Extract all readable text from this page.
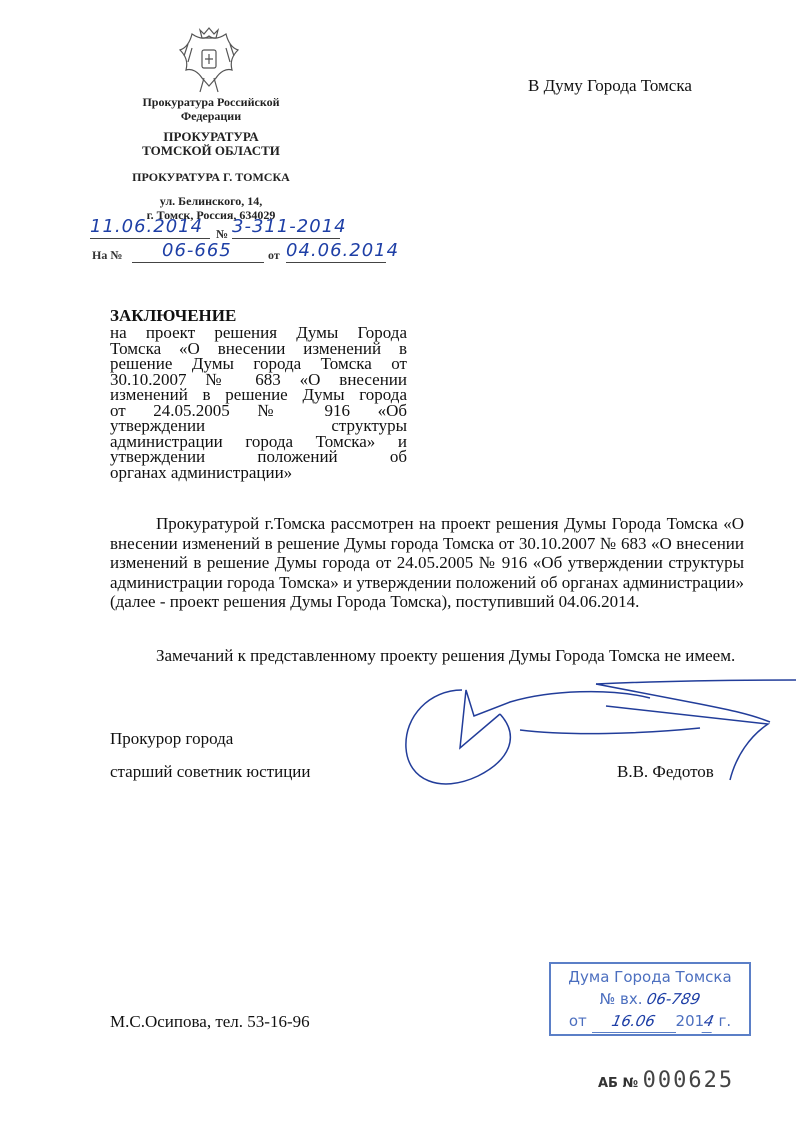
Прокуратура Российской
Федерации
ПРОКУРАТУРА
ТОМСКОЙ ОБЛАСТИ
ПРОКУРАТУРА Г. ТОМСКА
ул. Белинского, 14,
г. Томск, Россия, 634029
11.06.2014	№ 3-311-2014
На №	06-665	от 04.06.2014
В Думу Города Томска
ЗАКЛЮЧЕНИЕ
на проект решения Думы Города
Томска «О внесении изменений в
решение Думы города Томска от
30.10.2007 № 683 «О внесении
изменений в решение Думы города
от 24.05.2005 № 916 «Об
утверждении структуры
администрации города Томска» и
утверждении положений об
органах администрации»
Прокуратурой г.Томска рассмотрен на проект решения Думы Города Томска «О внесении изменений в решение Думы города Томска от 30.10.2007 № 683 «О внесении изменений в решение Думы города от 24.05.2005 № 916 «Об утверждении структуры администрации города Томска» и утверждении положений об органах администрации» (далее - проект решения Думы Города Томска), поступивший 04.06.2014.
Замечаний к представленному проекту решения Думы Города Томска не имеем.
Прокурор города
старший советник юстиции	В.В. Федотов
М.С.Осипова, тел. 53-16-96
Дума Города Томска
№ вх. 06-789
от 16.06 2014 г.
АБ № 000625
